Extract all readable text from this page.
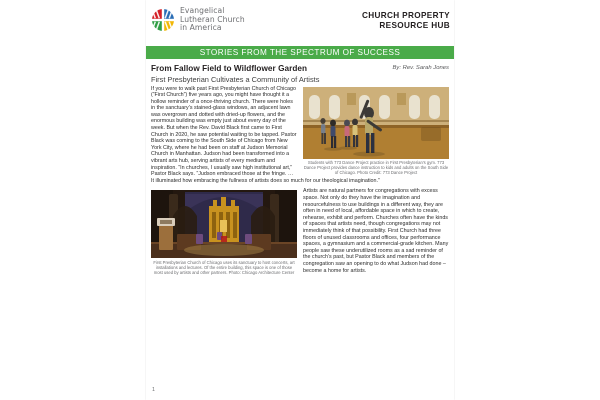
Evangelical
Lutheran Church
in America
CHURCH PROPERTY
RESOURCE HUB
STORIES FROM THE SPECTRUM OF SUCCESS
From Fallow Field to Wildflower Garden
First Presbyterian Cultivates a Community of Artists
By: Rev. Sarah Jones
Students with 773 Dance Project practice in First Presbyterian’s gym. 773 Dance Project provides dance instruction to kids and adults on the South Side of Chicago. Photo Credit: 773 Dance Project

If you were to walk past First Presbyterian Church of Chicago (“First Church”) five years ago, you might have thought it a hollow reminder of a once-thriving church. There were holes in the sanctuary’s stained-glass windows, an adjacent lawn was overgrown and dotted with dried-up flowers, and the enormous building was empty just about every day of the week. But when the Rev. David Black first came to First Church in 2020, he saw potential waiting to be tapped. Pastor Black was coming to the South Side of Chicago from New York City, where he had been on staff at Judson Memorial Church in Manhattan. Judson had been transformed into a vibrant arts hub, serving artists of every medium and inspiration. “In churches, I usually saw high institutional art,” Pastor Black says. “Judson embraced those at the fringe. … It illuminated how embracing the fullness of artists does so much for our theological imagination.”

First Presbyterian Church of Chicago uses its sanctuary to host concerts, art installations and lectures. Of the entire building, this space is one of those most used by artists and other partners. Photo: Chicago Architecture Center

Artists are natural partners for congregations with excess space. Not only do they have the imagination and resourcefulness to use buildings in a different way, they are often in need of local, affordable space in which to create, rehearse, exhibit and perform. Churches often have the kinds of spaces that artists need, though congregations may not immediately think of that possibility. First Church had three floors of unused classrooms and offices, four performance spaces, a gymnasium and a commercial-grade kitchen. Many people saw these underutilized rooms as a sad reminder of the church’s past, but Pastor Black and members of the congregation saw an opening to do what Judson had done – become a home for artists.

1
